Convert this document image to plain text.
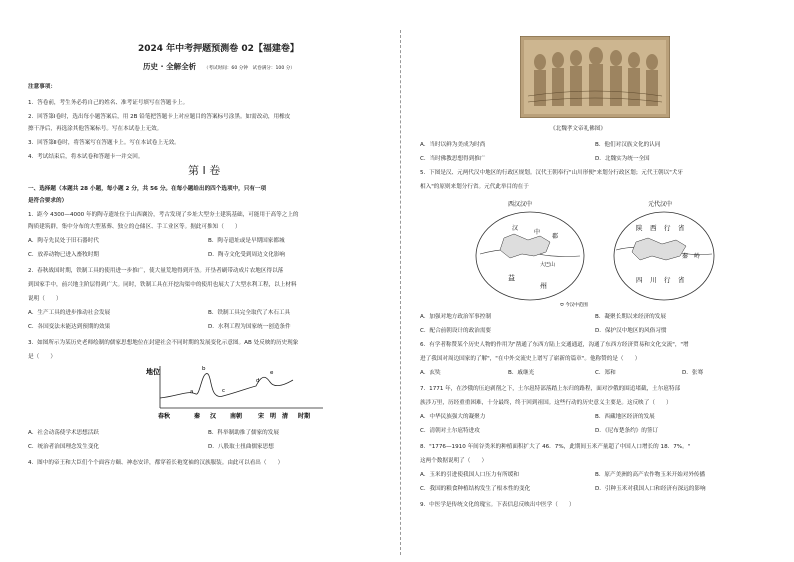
2024 年中考押题预测卷 02【福建卷】
历史 · 全解全析 （考试时间：60 分钟　试卷满分：100 分）
注意事项：
1．答卷前，考生务必将自己的姓名、准考证号填写在答题卡上。
2．回答第Ⅰ卷时，选出每小题答案后，用 2B 铅笔把答题卡上对应题目的答案标号涂黑。如需改动，用橡皮
擦干净后，再选涂其他答案标号。写在本试卷上无效。
3．回答第Ⅱ卷时，将答案写在答题卡上。写在本试卷上无效。
4．考试结束后，将本试卷和答题卡一并交回。
第 I 卷
一、选择题（本题共 28 小题，每小题 2 分，共 56 分。在每小题给出的四个选项中，只有一项
是符合要求的）
1．距今 4300—4000 年的陶寺遗址位于山西襄汾，考古发现了乡址大型夯土建筑基础，可能用于高等之上的
陶质建筑群，集中分布的大型墓葬、独立的仓储区、手工业区等。据此可推知（　　）
A．陶寺先民处于旧石器时代	B．陶寺遗址或是早期国家都城
C．放养动物已进入畜牧时期	D．陶寺文化受到周边文化影响
2．春秋战国时期，铁制工具的使用进一步推广，使大量荒地得到开垦。开垦者刷带动成片农地区得以落
到国家手中，前兴地主阶层得到广大。同时，铁制工具在开挖沟渠中的使用也展大了大型水利工程，以上材料
说明（　　）
A．生产工具的进步推动社会发展	B．铁制工具完全取代了木石工具
C．各国变法未能达到预期的效果	D．水利工程为国家统一创造条件
3．如图所示为某历史老师绘制的儒家思想地位在封建社会不同时期的发展变化示意图。AB 处反映的历史现象
是（　　）
地位
a
b
c
d
e
春秋	秦 汉 南朝	宋 明 清 时期
A．社会动荡使学术思想活跃	B．科举制助推了儒家的发展
C．统治者治国理念发生变化	D．八股取士扭曲儒家思想
4．图中的帝王和大臣们个个面容方颐、神态安详，都穿着长袍宽袖的汉族服装。由此可以看出（　　）
《北魏孝文帝礼佛图》
A．当时以鲜为美成为时尚	B．他们对汉族文化的认同
C．当时佛教思想得到推广	D．北魏实为统一全国
5．下图是汉、元两代汉中地区的行政区规划。汉代王朝奉行"山川形便"来划分行政区划；元代王朝以"犬牙
相入"的原则来划分行省。元代此举目的在于
西汉汉中
汉
中
郡
益
州
大巴山
元代汉中
陕 西 行 省
秦 岭
四 川 行 省
⬭ 今汉中范围
A．加强对地方政治军事控制	B．凝聚长期以来经济的发展
C．配合前朝设计的政治需要	D．保护汉中地区的风俗习惯
6．有学者称赞某个历史人物的作用为"凿通了东西方陆上交通通道，沟通了东西方经济贸易和文化交流"，"增
进了我国对周边国家的了解"，"在中外交流史上谱写了崭新的篇章"。他称赞的是（　　）
A．玄奘	B．戚继光	C．郑和	D．张骞
7．1771 年，在沙俄的压迫剥削之下，土尔扈特部落踏上东归的路程，面对沙俄的围追堵截，土尔扈特部
族涉万里，历经重重困难，十分最终，终于回到祖国。这些行动的历史意义主要是。这反映了（　　）
A．中华民族强大的凝聚力	B．西藏地区经济的发展
C．清朝对土尔扈特进攻	D．《尼布楚条约》的签订
8．"1776—1910 年间谷类米的种植面积扩大了 46．7%，此期间玉米产量超了中国人口增长的 18．7%。"
这两个数据说明了（　　）
A．玉米的引进使我国人口压力有所缓和	B．原产美洲的高产农作物玉米开始对外传播
C．我国的粮食种植结构发生了根本性的变化	D．引种玉米对我国人口和经济有深远的影响
9．中医学是传统文化的瑰宝。下表信息反映出中医学（　　）
